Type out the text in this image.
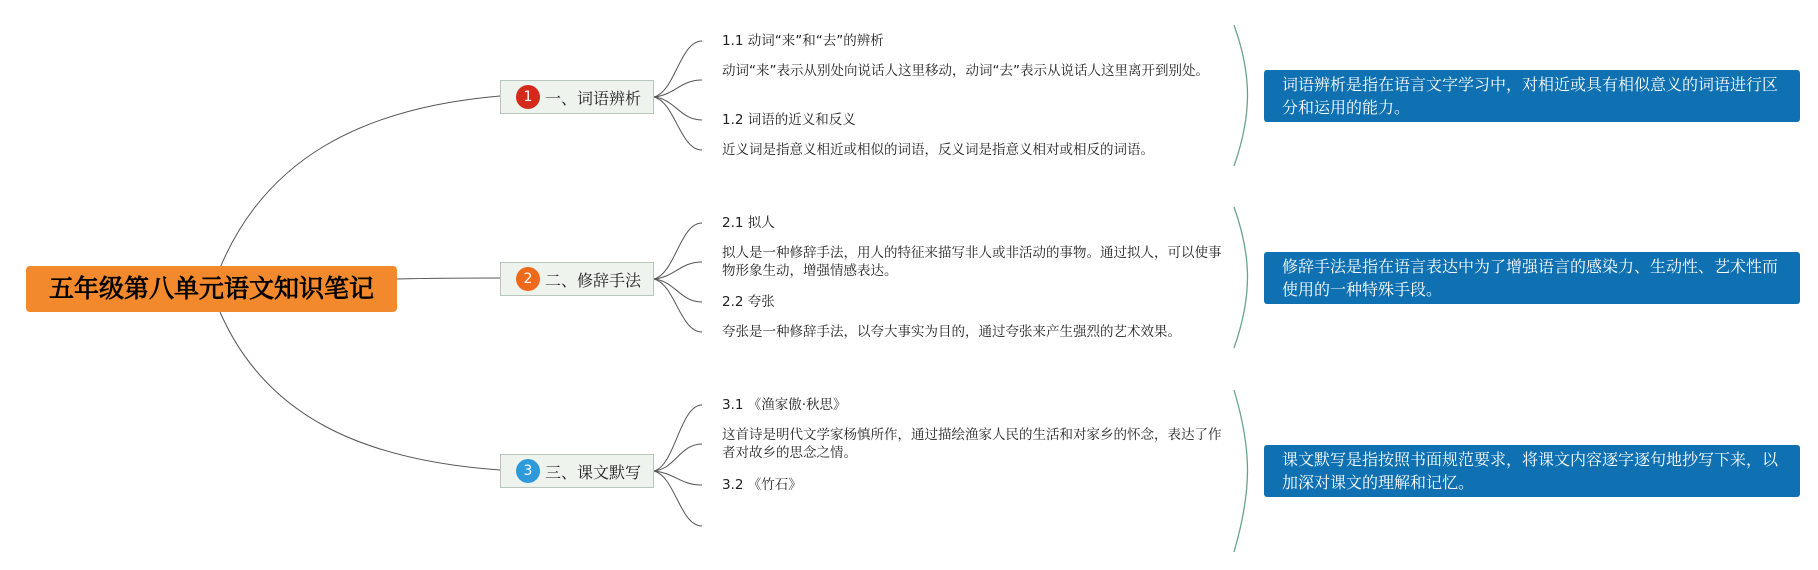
五年级第八单元语文知识笔记
1 一、词语辨析
1.1 动词“来”和“去”的辨析
动词“来”表示从别处向说话人这里移动，动词“去”表示从说话人这里离开到别处。
1.2 词语的近义和反义
近义词是指意义相近或相似的词语，反义词是指意义相对或相反的词语。
词语辨析是指在语言文字学习中，对相近或具有相似意义的词语进行区分和运用的能力。
2 二、修辞手法
2.1 拟人
拟人是一种修辞手法，用人的特征来描写非人或非活动的事物。通过拟人，可以使事物形象生动，增强情感表达。
2.2 夸张
夸张是一种修辞手法，以夸大事实为目的，通过夸张来产生强烈的艺术效果。
修辞手法是指在语言表达中为了增强语言的感染力、生动性、艺术性而使用的一种特殊手段。
3 三、课文默写
3.1 《渔家傲·秋思》
这首诗是明代文学家杨慎所作，通过描绘渔家人民的生活和对家乡的怀念，表达了作者对故乡的思念之情。
3.2 《竹石》
课文默写是指按照书面规范要求，将课文内容逐字逐句地抄写下来，以加深对课文的理解和记忆。
